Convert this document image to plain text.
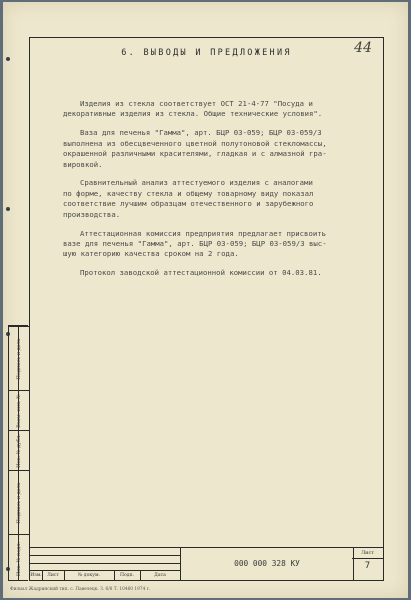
6. ВЫВОДЫ И ПРЕДЛОЖЕНИЯ	44

Изделия из стекла соответствует ОСТ 21-4-77 "Посуда и
декоративные изделия из стекла. Общие технические условия".

Ваза для печенья "Гамма", арт. БЦР 03-059; БЦР 03-059/3
выполнена из обесцвеченного цветной полутоновой стекломассы,
окрашенной различными красителями, гладкая и с алмазной гра-
вировкой.

Сравнительный анализ аттестуемого изделия с аналогами
по форме, качеству стекла и общему товарному виду показал
соответствие лучшим образцам отечественного и зарубежного
производства.

Аттестационная комиссия предприятия предлагает присвоить
вазе для печенья "Гамма", арт. БЦР 03-059; БЦР 03-059/3 выс-
шую категорию качества сроком на 2 года.

Протокол заводской аттестационной комиссии от 04.03.81.

Изм.	Лист	№ докум.	Подп.	Дата
000 000 328 КУ
Лист
7
Подпись и дата
Взам. инв. №
Инв. № дубл.
Подпись и дата
Инв. № подл.
Филиал Жадринский тип. с. Павелецк. З. 6/8 Т. 10460 1974 г.
